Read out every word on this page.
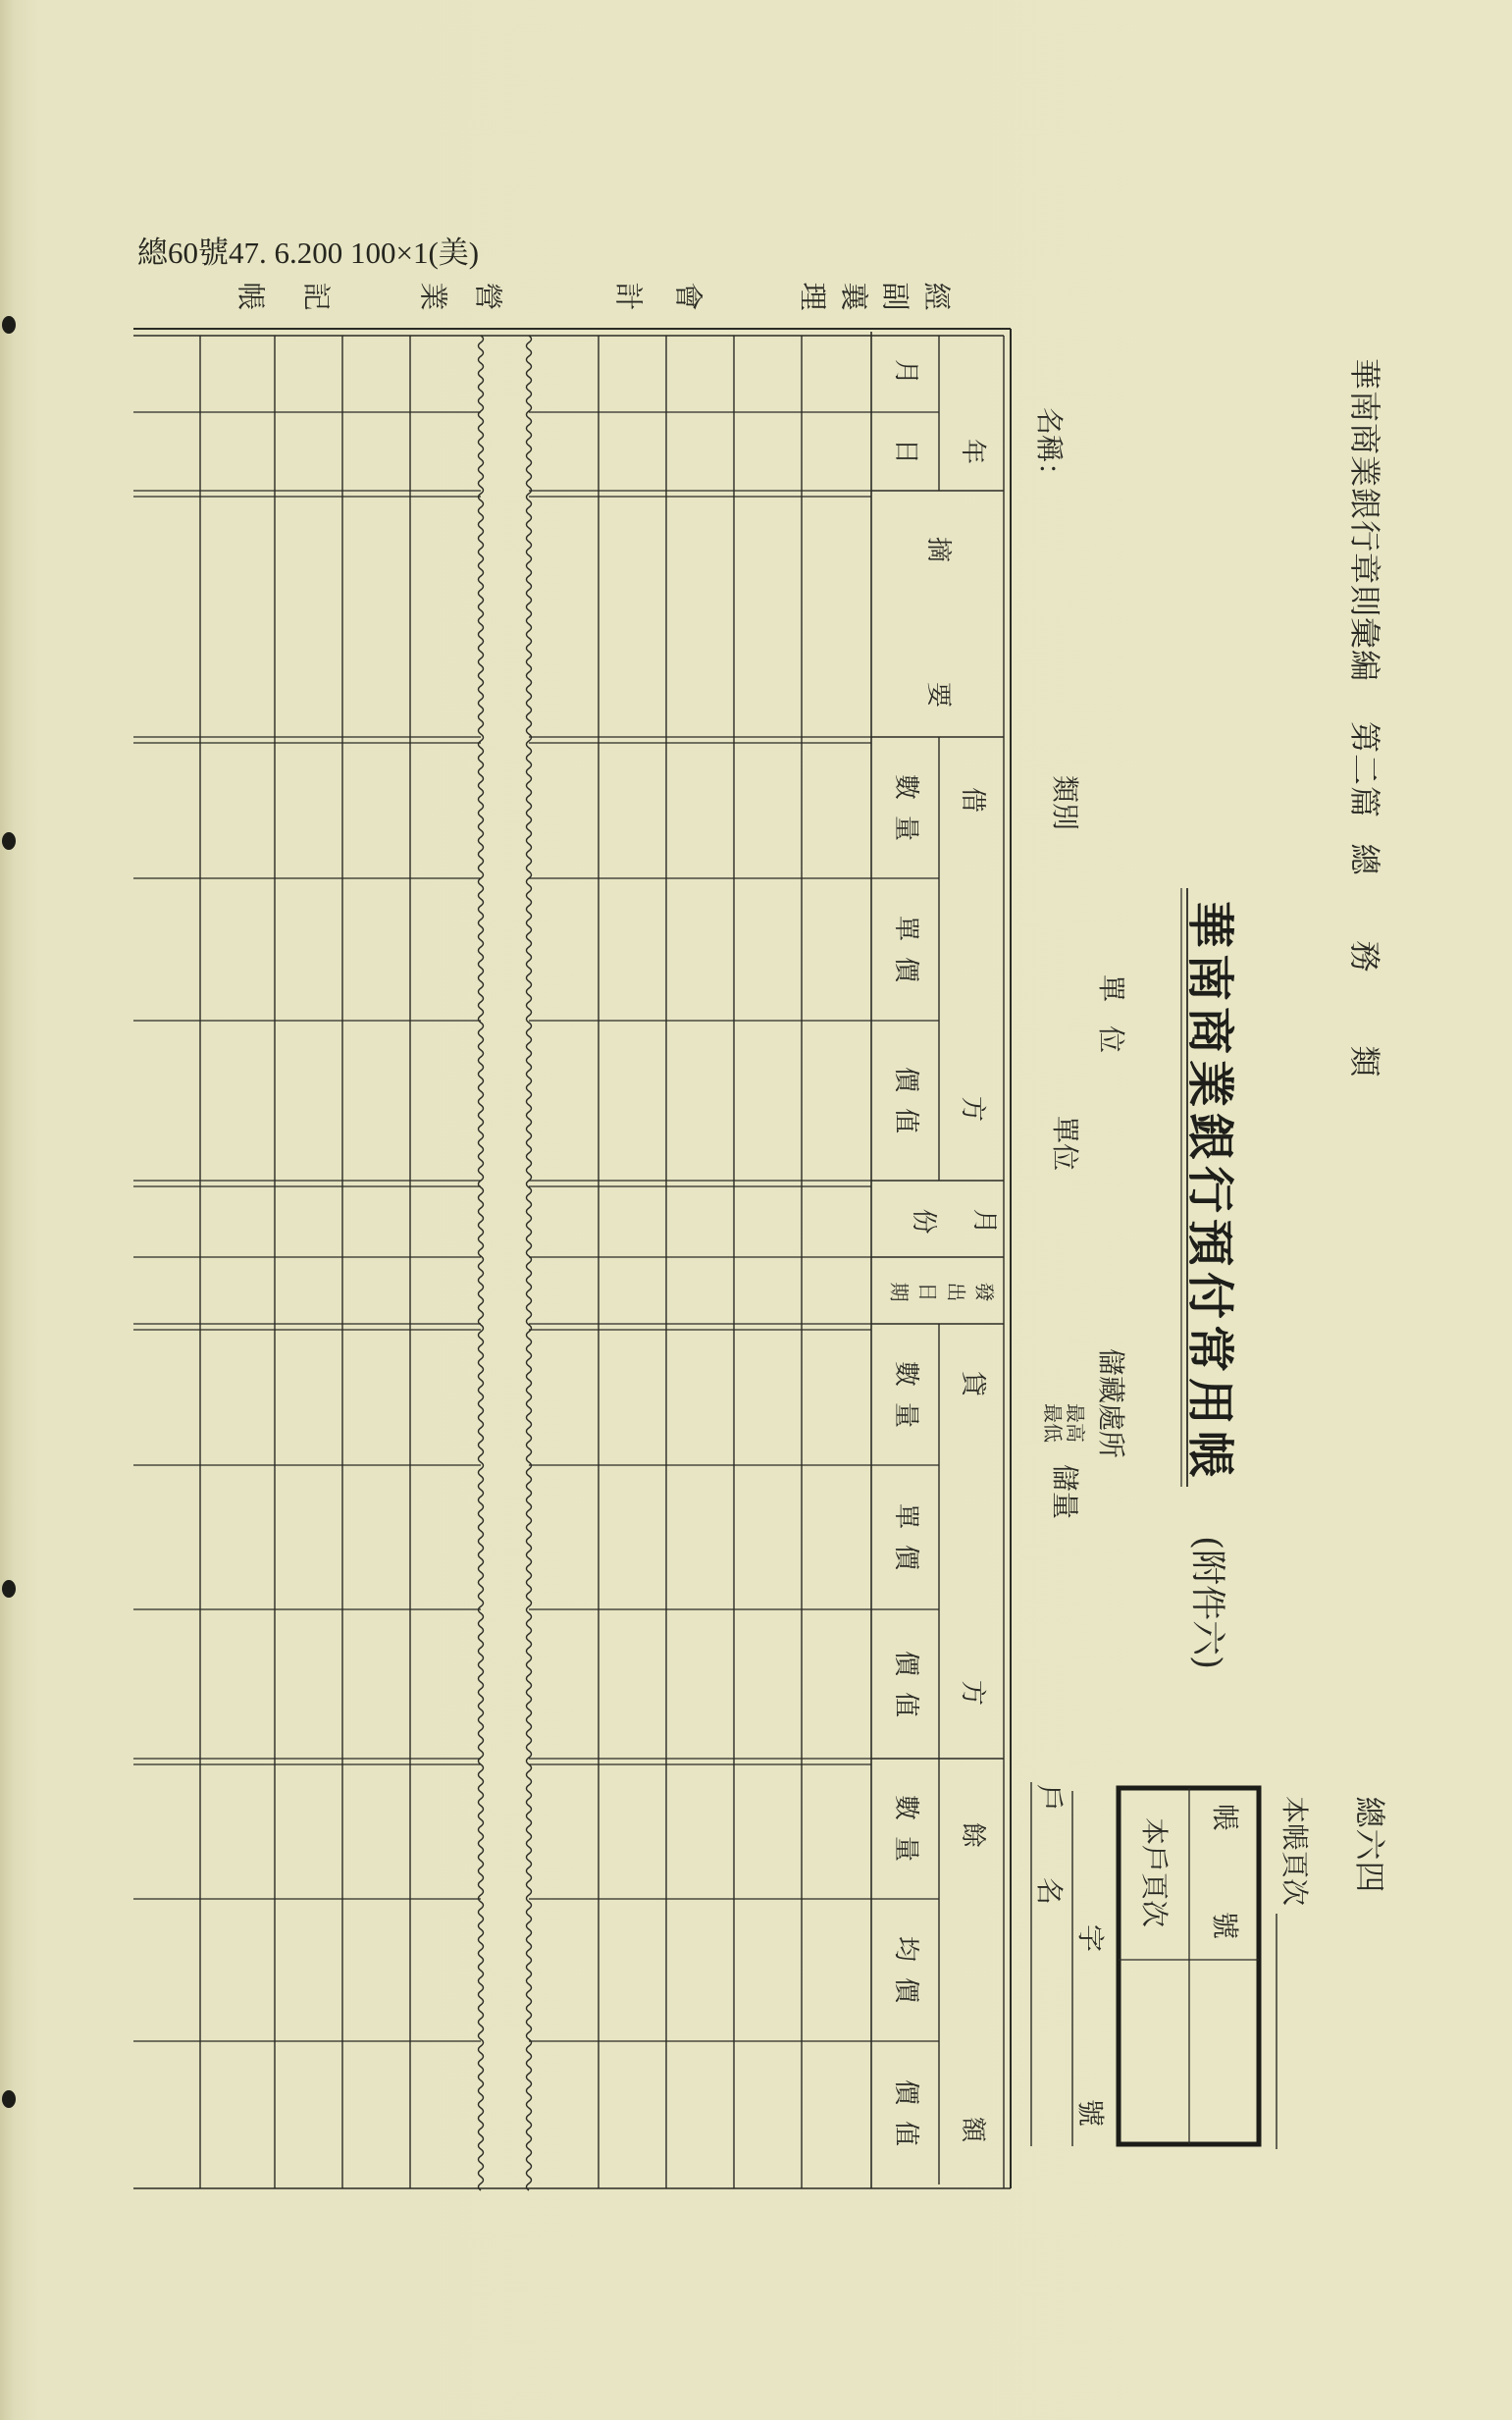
總60號47. 6.200 100×1(美)
華南商業銀行章則彙編
第二篇
總
務
類
總六四
華南商業銀行預付常用帳
(附件六)
本帳頁次
單位
儲藏處所
名稱：
類別
單位
最高
最低
儲量
戶
名
字
號
帳
號
本戶頁次
經副襄理
會計
營業
記帳
年
月
日
摘
要
借
方
數量
單價
價值
月份
發出日期
貸
方
數量
單價
價值
餘
額
數量
均價
價值
